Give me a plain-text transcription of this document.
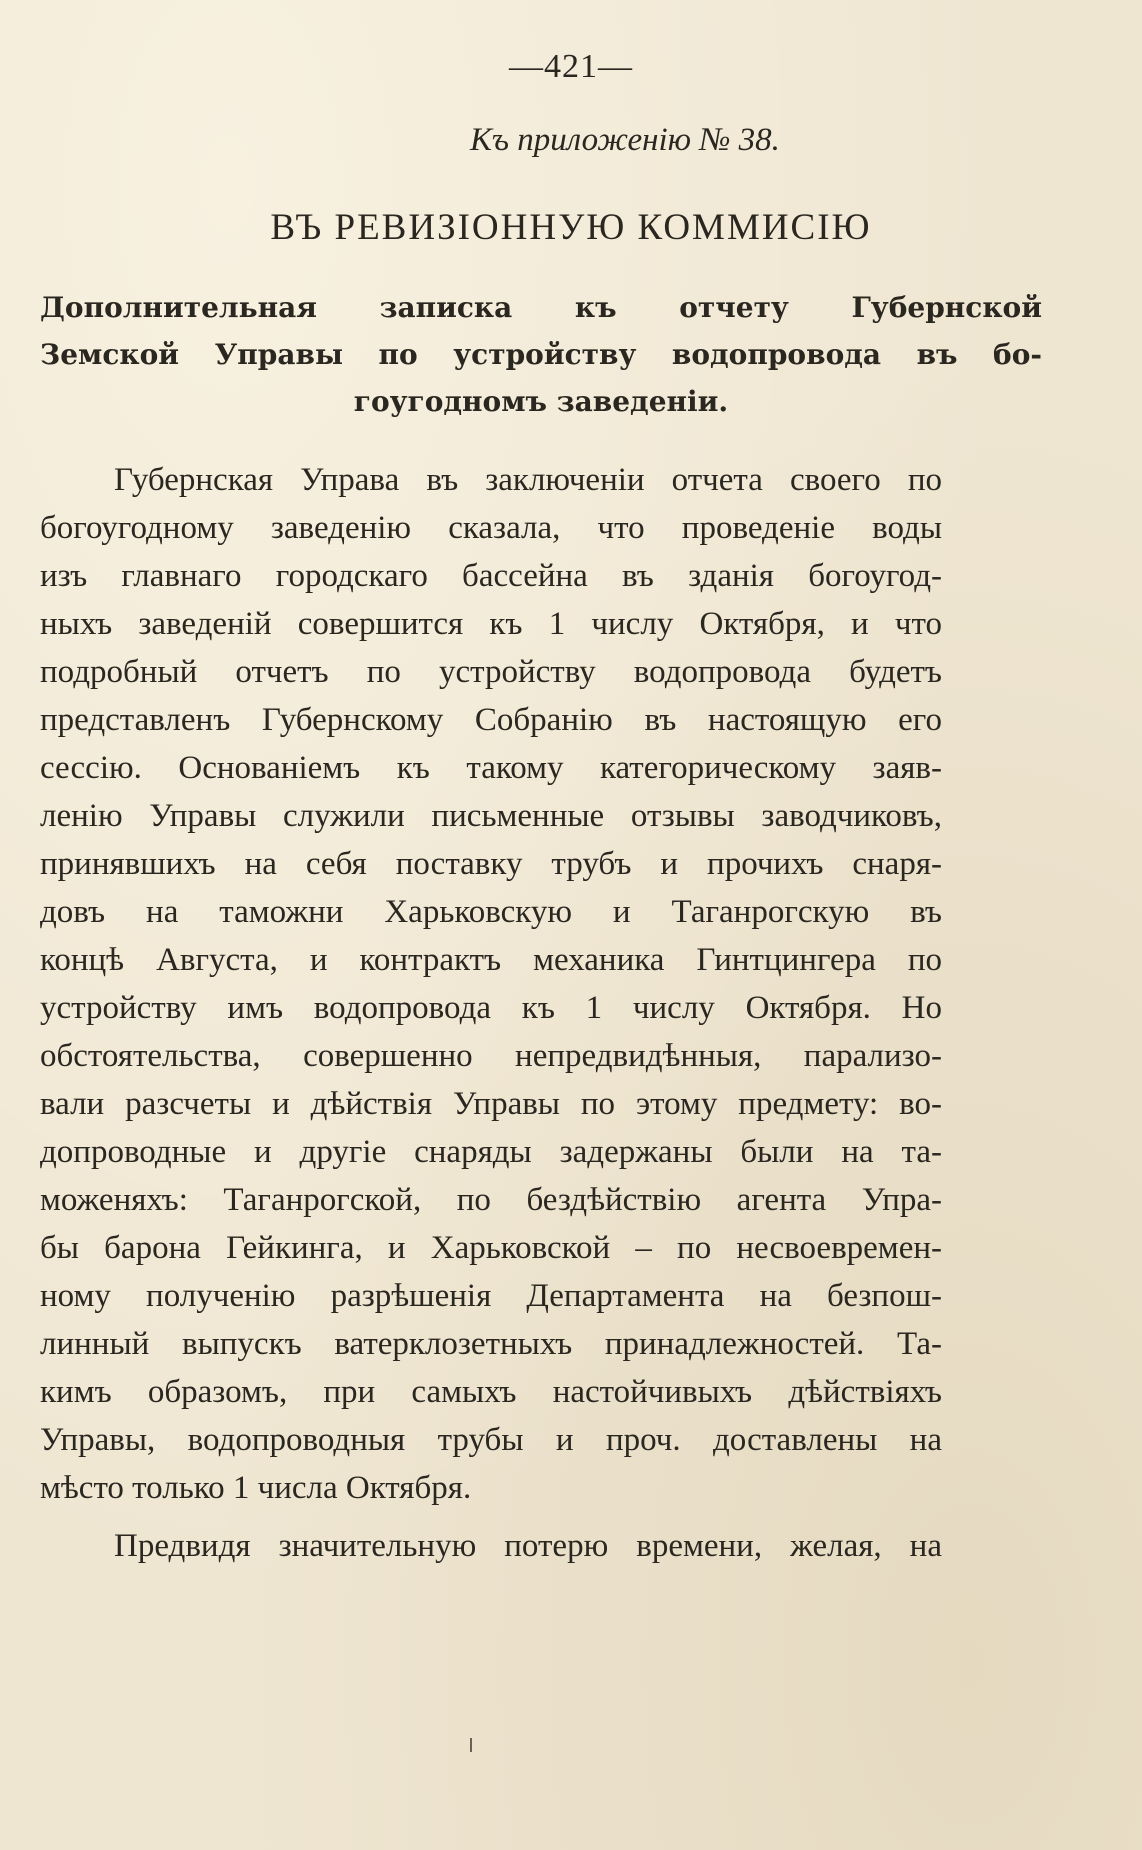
—421—
Къ приложенію № 38.
ВЪ РЕВИЗІОННУЮ КОММИСІЮ
Дополнительная записка къ отчету Губернской
Земской Управы по устройству водопровода въ бо-
гоугодномъ заведеніи.
Губернская Управа въ заключеніи отчета своего по
богоугодному заведенію сказала, что проведеніе воды
изъ главнаго городскаго бассейна въ зданія богоугод-
ныхъ заведеній совершится къ 1 числу Октября, и что
подробный отчетъ по устройству водопровода будетъ
представленъ Губернскому Собранію въ настоящую его
сессію. Основаніемъ къ такому категорическому заяв-
ленію Управы служили письменные отзывы заводчиковъ,
принявшихъ на себя поставку трубъ и прочихъ снаря-
довъ на таможни Харьковскую и Таганрогскую въ
концѣ Августа, и контрактъ механика Гинтцингера по
устройству имъ водопровода къ 1 числу Октября. Но
обстоятельства, совершенно непредвидѣнныя, парализо-
вали разсчеты и дѣйствія Управы по этому предмету: во-
допроводные и другіе снаряды задержаны были на та-
моженяхъ: Таганрогской, по бездѣйствію агента Упра-
бы барона Гейкинга, и Харьковской – по несвоевремен-
ному полученію разрѣшенія Департамента на безпош-
линный выпускъ ватерклозетныхъ принадлежностей. Та-
кимъ образомъ, при самыхъ настойчивыхъ дѣйствіяхъ
Управы, водопроводныя трубы и проч. доставлены на
мѣсто только 1 числа Октября.
Предвидя значительную потерю времени, желая, на
